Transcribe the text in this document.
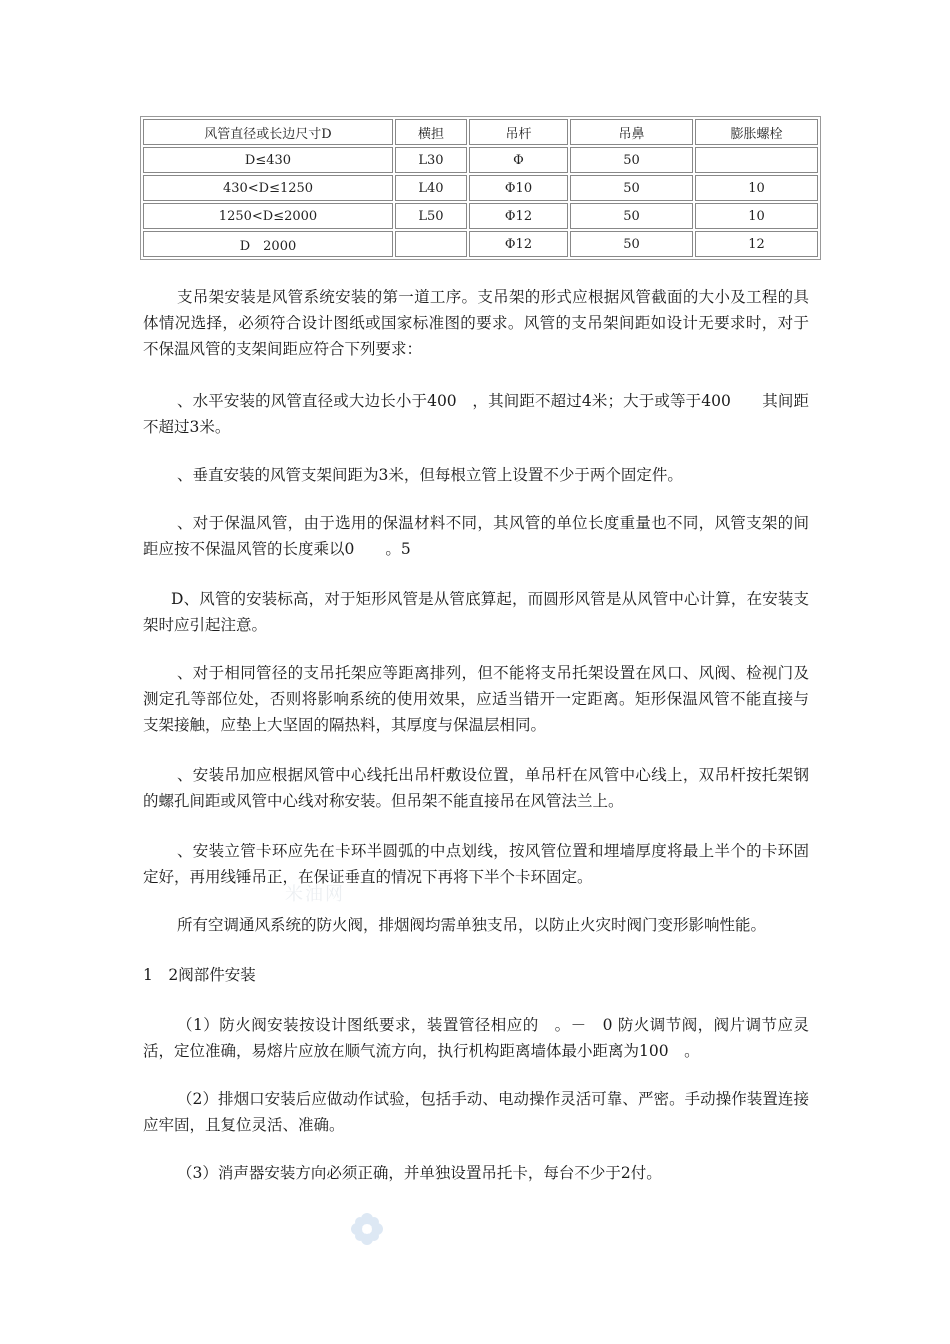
风管直径或长边尺寸D	横担	吊杆	吊鼻	膨胀螺栓
D≤430	L30	Φ	50	
430<D≤1250	L40	Φ10	50	10
1250<D≤2000	L50	Φ12	50	10
D　2000		Φ12	50	12

支吊架安装是风管系统安装的第一道工序。支吊架的形式应根据风管截面的大小及工程的具体情况选择，必须符合设计图纸或国家标准图的要求。风管的支吊架间距如设计无要求时，对于不保温风管的支架间距应符合下列要求：

、水平安装的风管直径或大边长小于400　，其间距不超过4米；大于或等于400　　其间距不超过3米。

、垂直安装的风管支架间距为3米，但每根立管上设置不少于两个固定件。

、对于保温风管，由于选用的保温材料不同，其风管的单位长度重量也不同，风管支架的间距应按不保温风管的长度乘以0　　。5

D、风管的安装标高，对于矩形风管是从管底算起，而圆形风管是从风管中心计算，在安装支架时应引起注意。

、对于相同管径的支吊托架应等距离排列，但不能将支吊托架设置在风口、风阀、检视门及测定孔等部位处，否则将影响系统的使用效果，应适当错开一定距离。矩形保温风管不能直接与支架接触，应垫上大坚固的隔热料，其厚度与保温层相同。

、安装吊加应根据风管中心线托出吊杆敷设位置，单吊杆在风管中心线上，双吊杆按托架钢的螺孔间距或风管中心线对称安装。但吊架不能直接吊在风管法兰上。

、安装立管卡环应先在卡环半圆弧的中点划线，按风管位置和埋墙厚度将最上半个的卡环固定好，再用线锤吊正，在保证垂直的情况下再将下半个卡环固定。

米油网

所有空调通风系统的防火阀，排烟阀均需单独支吊，以防止火灾时阀门变形影响性能。

1　2阀部件安装

（1）防火阀安装按设计图纸要求，装置管径相应的　。－　0 防火调节阀，阀片调节应灵活，定位准确，易熔片应放在顺气流方向，执行机构距离墙体最小距离为100　。

（2）排烟口安装后应做动作试验，包括手动、电动操作灵活可靠、严密。手动操作装置连接应牢固，且复位灵活、准确。

（3）消声器安装方向必须正确，并单独设置吊托卡，每台不少于2付。
